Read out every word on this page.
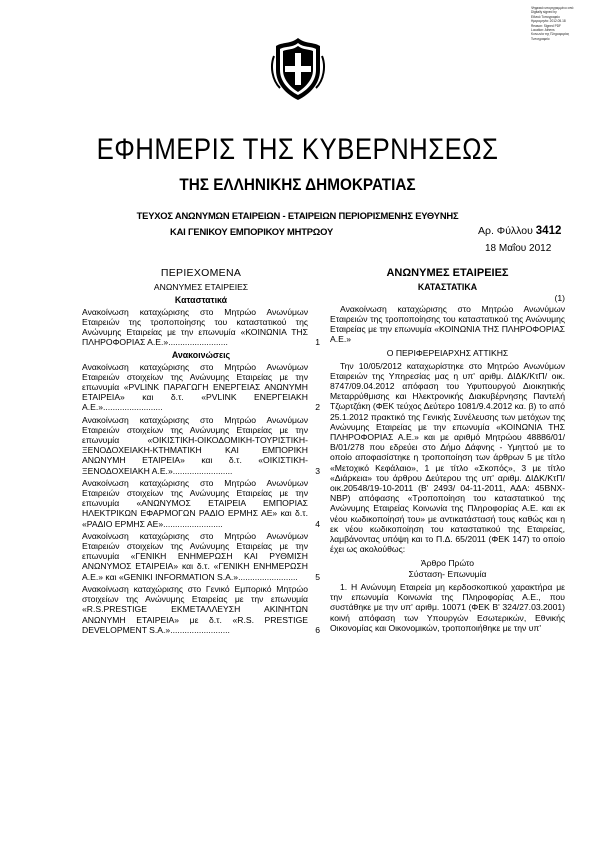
Ψηφιακά υπογεγραμμένο από
Digitally signed by
Εθνικό Τυπογραφείο
Ημερομηνία: 2012.05.18
Reason: Signed PDF
Location: Athens
Κοινωνία της Πληροφορίας
Τυπογραφείο
ΕΦΗΜΕΡΙΣ ΤΗΣ ΚΥΒΕΡΝΗΣΕΩΣ
ΤΗΣ ΕΛΛΗΝΙΚΗΣ ΔΗΜΟΚΡΑΤΙΑΣ
ΤΕΥΧΟΣ ΑΝΩΝΥΜΩΝ ΕΤΑΙΡΕΙΩΝ - ΕΤΑΙΡΕΙΩΝ ΠΕΡΙΟΡΙΣΜΕΝΗΣ ΕΥΘΥΝΗΣ
ΚΑΙ ΓΕΝΙΚΟΥ ΕΜΠΟΡΙΚΟΥ ΜΗΤΡΩΟΥ	Αρ. Φύλλου 3412
18 Μαΐου 2012
ΠΕΡΙΕΧΟΜΕΝΑ
ΑΝΩΝΥΜΕΣ ΕΤΑΙΡΕΙΕΣ
Καταστατικά
Ανακοίνωση καταχώρισης στο Μητρώο Ανωνύμων Εταιρειών της τροποποίησης του καταστατικού της Ανώνυμης Εταιρείας με την επωνυμία «ΚΟΙΝΩΝΙΑ ΤΗΣ ΠΛΗΡΟΦΟΡΙΑΣ Α.Ε.».........................	1
Ανακοινώσεις
Ανακοίνωση καταχώρισης στο Μητρώο Ανωνύμων Εταιρειών στοιχείων της Ανώνυμης Εταιρείας με την επωνυμία «PVLINK ΠΑΡΑΓΩΓΗ ΕΝΕΡΓΕΙΑΣ ΑΝΩΝΥΜΗ ΕΤΑΙΡΕΙΑ» και δ.τ. «PVLINK ΕΝΕΡΓΕΙΑΚΗ Α.Ε.».........................	2
Ανακοίνωση καταχώρισης στο Μητρώο Ανωνύμων Εταιρειών στοιχείων της Ανώνυμης Εταιρείας με την επωνυμία «ΟΙΚΙΣΤΙΚΗ-ΟΙΚΟΔΟΜΙΚΗ-ΤΟΥΡΙΣΤΙΚΗ-ΞΕΝΟΔΟΧΕΙΑΚΗ-ΚΤΗΜΑΤΙΚΗ ΚΑΙ ΕΜΠΟΡΙΚΗ ΑΝΩΝΥΜΗ ΕΤΑΙΡΕΙΑ» και δ.τ. «ΟΙΚΙΣΤΙΚΗ-ΞΕΝΟΔΟΧΕΙΑΚΗ Α.Ε.».........................	3
Ανακοίνωση καταχώρισης στο Μητρώο Ανωνύμων Εταιρειών στοιχείων της Ανώνυμης Εταιρείας με την επωνυμία «ΑΝΩΝΥΜΟΣ ΕΤΑΙΡΕΙΑ ΕΜΠΟΡΙΑΣ ΗΛΕΚΤΡΙΚΩΝ ΕΦΑΡΜΟΓΩΝ ΡΑΔΙΟ ΕΡΜΗΣ ΑΕ» και δ.τ. «ΡΑΔΙΟ ΕΡΜΗΣ ΑΕ».........................	4
Ανακοίνωση καταχώρισης στο Μητρώο Ανωνύμων Εταιρειών στοιχείων της Ανώνυμης Εταιρείας με την επωνυμία «ΓΕΝΙΚΗ ΕΝΗΜΕΡΩΣΗ ΚΑΙ ΡΥΘΜΙΣΗ ΑΝΩΝΥΜΟΣ ΕΤΑΙΡΕΙΑ» και δ.τ. «ΓΕΝΙΚΗ ΕΝΗΜΕΡΩΣΗ Α.Ε.» και «GENIKI INFORMATION S.A.»......................... 5
Ανακοίνωση καταχώρισης στο Γενικό Εμπορικό Μητρώο στοιχείων της Ανώνυμης Εταιρείας με την επωνυμία «R.S.PRESTIGE ΕΚΜΕΤΑΛΛΕΥΣΗ ΑΚΙΝΗΤΩΝ ΑΝΩΝΥΜΗ ΕΤΑΙΡΕΙΑ» με δ.τ. «R.S. PRESTIGE DEVELOPMENT S.A.».........................	6
ΑΝΩΝΥΜΕΣ ΕΤΑΙΡΕΙΕΣ
ΚΑΤΑΣΤΑΤΙΚΑ
(1)
Ανακοίνωση καταχώρισης στο Μητρώο Ανωνύμων Εταιρειών της τροποποίησης του καταστατικού της Ανώνυμης Εταιρείας με την επωνυμία «ΚΟΙΝΩΝΙΑ ΤΗΣ ΠΛΗΡΟΦΟΡΙΑΣ Α.Ε.»
Ο ΠΕΡΙΦΕΡΕΙΑΡΧΗΣ ΑΤΤΙΚΗΣ
Την 10/05/2012 καταχωρίστηκε στο Μητρώο Ανωνύμων Εταιρειών της Υπηρεσίας μας η υπ' αριθμ. ΔΙΔΚ/ΚτΠ/ οικ. 8747/09.04.2012 απόφαση του Υφυπουργού Διοικητικής Μεταρρύθμισης και Ηλεκτρονικής Διακυβέρνησης Παντελή Τζωρτζάκη (ΦΕΚ τεύχος Δεύτερο 1081/9.4.2012 κα. β) το από 25.1.2012 πρακτικό της Γενικής Συνέλευσης των μετόχων της Ανώνυμης Εταιρείας με την επωνυμία «ΚΟΙΝΩΝΙΑ ΤΗΣ ΠΛΗΡΟΦΟΡΙΑΣ Α.Ε.» και με αριθμό Μητρώου 48886/01/Β/01/278 που εδρεύει στο Δήμο Δάφνης - Υμηττού με το οποίο αποφασίστηκε η τροποποίηση των άρθρων 5 με τίτλο «Μετοχικό Κεφάλαιο», 1 με τίτλο «Σκοπός», 3 με τίτλο «Διάρκεια» του άρθρου Δεύτερου της υπ' αριθμ. ΔΙΔΚ/ΚτΠ/οικ.20548/19-10-2011 (Β' 2493/ 04-11-2011, ΑΔΑ: 45ΒΝΧ-ΝΒΡ) απόφασης «Τροποποίηση του καταστατικού της Ανώνυμης Εταιρείας Κοινωνία της Πληροφορίας Α.Ε. και εκ νέου κωδικοποίησή του» με αντικατάστασή τους καθώς και η εκ νέου κωδικοποίηση του καταστατικού της Εταιρείας, λαμβάνοντας υπόψη και το Π.Δ. 65/2011 (ΦΕΚ 147) το οποίο έχει ως ακολούθως:
Άρθρο Πρώτο
Σύσταση- Επωνυμία
1. Η Ανώνυμη Εταιρεία μη κερδοσκοπικού χαρακτήρα με την επωνυμία Κοινωνία της Πληροφορίας Α.Ε., που συστάθηκε με την υπ' αριθμ. 10071 (ΦΕΚ Β' 324/27.03.2001) κοινή απόφαση των Υπουργών Εσωτερικών, Εθνικής Οικονομίας και Οικονομικών, τροποποιήθηκε με την υπ'
